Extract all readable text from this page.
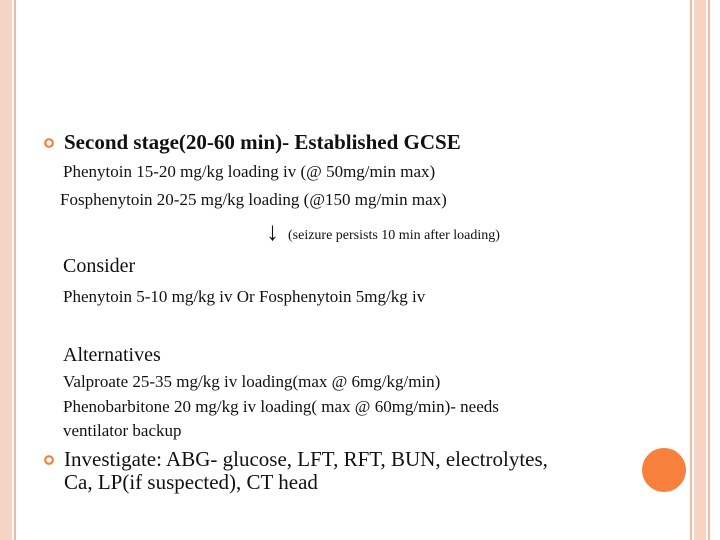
Second stage(20-60 min)- Established GCSE
Phenytoin 15-20 mg/kg loading iv (@ 50mg/min max)
Fosphenytoin 20-25 mg/kg loading (@150 mg/min max)
↓ (seizure persists 10 min after loading)
Consider
Phenytoin 5-10 mg/kg iv Or Fosphenytoin 5mg/kg iv
Alternatives
Valproate 25-35 mg/kg iv loading(max @ 6mg/kg/min)
Phenobarbitone 20 mg/kg iv loading( max @ 60mg/min)- needs
ventilator backup
Investigate: ABG- glucose, LFT, RFT, BUN, electrolytes,
Ca, LP(if suspected), CT head
